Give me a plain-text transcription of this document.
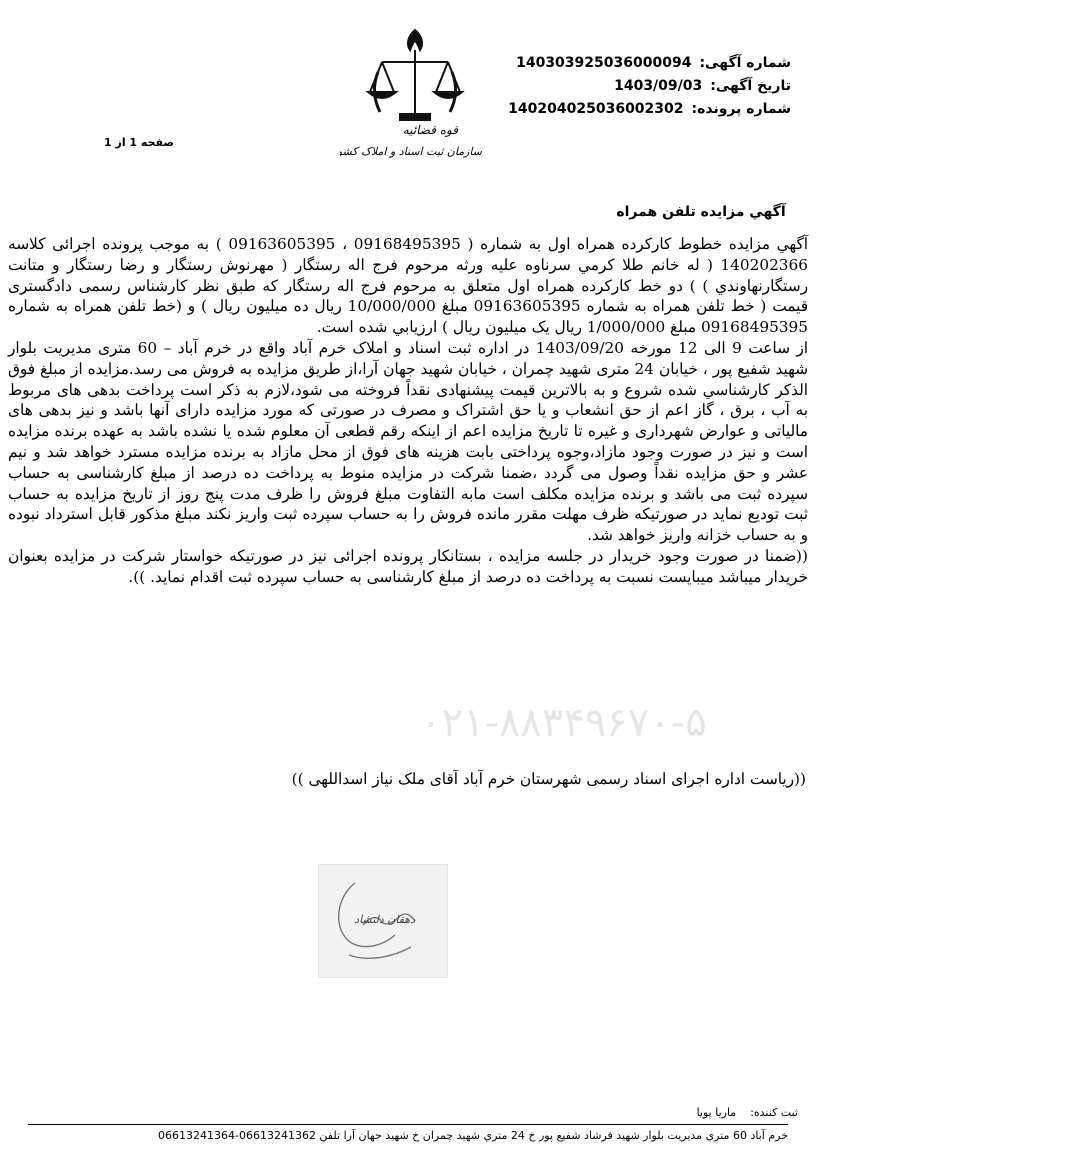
قوه قضائیه
سازمان ثبت اسناد و املاک کشور
شماره آگهی:
140303925036000094
تاریخ آگهی:
1403/09/03
شماره پرونده:
140204025036002302
صفحه 1 از 1
آگهي مزايده تلفن همراه

آگهي مزايده خطوط كاركرده همراه اول به شماره ( 09168495395 ، 09163605395 ) به موجب پرونده اجرائی کلاسه 140202366 ( له خانم طلا کرمي سرناوه علیه ورثه مرحوم فرج اله رستگار ( مهرنوش رستگار و رضا رستگار و متانت رستگارنهاوندي ) ) دو خط کارکرده همراه اول متعلق به مرحوم فرج اله رستگار که طبق نظر کارشناس رسمی دادگستری قیمت ( خط تلفن همراه به شماره 09163605395 مبلغ 10/000/000 ريال ده ميليون ريال ) و (خط تلفن همراه به شماره 09168495395 مبلغ 1/000/000 ريال یک ميليون ريال ) ارزيابي شده است.

از ساعت 9 الی 12 مورخه 1403/09/20 در اداره ثبت اسناد و املاک خرم آباد واقع در خرم آباد – 60 متری مدیریت بلوار شهید شفیع پور ، خیابان 24 متری شهید چمران ، خیابان شهید جهان آرا،از طريق مزايده به فروش می رسد.مزايده از مبلغ فوق الذكر كارشناسي شده شروع و به بالاترين قيمت پيشنهادی نقداً فروخته می شود،لازم به ذکر است پرداخت بدهی های مربوط به آب ، برق ، گاز اعم از حق انشعاب و یا حق اشتراک و مصرف در صورتی که مورد مزايده دارای آنها باشد و نیز بدهی های مالیاتی و عوارض شهرداری و غیره تا تاریخ مزايده اعم از اینکه رقم قطعی آن معلوم شده یا نشده باشد به عهده برنده مزايده است و نیز در صورت وجود مازاد،وجوه پرداختی بابت هزینه های فوق از محل مازاد به برنده مزايده مسترد خواهد شد و نیم عشر و حق مزايده نقداً وصول می گردد ،ضمنا شرکت در مزايده منوط به پرداخت ده درصد از مبلغ کارشناسی به حساب سپرده ثبت می باشد و برنده مزايده مکلف است مابه التفاوت مبلغ فروش را ظرف مدت پنج روز از تاریخ مزايده به حساب ثبت تودیع نماید در صورتیکه ظرف مهلت مقرر مانده فروش را به حساب سپرده ثبت واریز نکند مبلغ مذکور قابل استرداد نبوده و به حساب خزانه واریز خواهد شد.

((ضمنا در صورت وجود خریدار در جلسه مزايده ، بستانکار پرونده اجرائی نیز در صورتیکه خواستار شرکت در مزايده بعنوان خریدار میباشد میبایست نسبت به پرداخت ده درصد از مبلغ کارشناسی به حساب سپرده ثبت اقدام نماید. )).

۰۲۱-۸۸۳۴۹۶۷۰-۵
((رياست اداره اجرای اسناد رسمی شهرستان خرم آباد آقای ملک نیاز اسداللهی ))
دهقان دلنشاد
ثبت كننده:
ماريا پويا
خرم آباد 60 متري مديريت بلوار شهيد فرشاد شفيع پور خ 24 متري شهيد چمران خ شهيد جهان آرا تلفن 06613241362-06613241364
